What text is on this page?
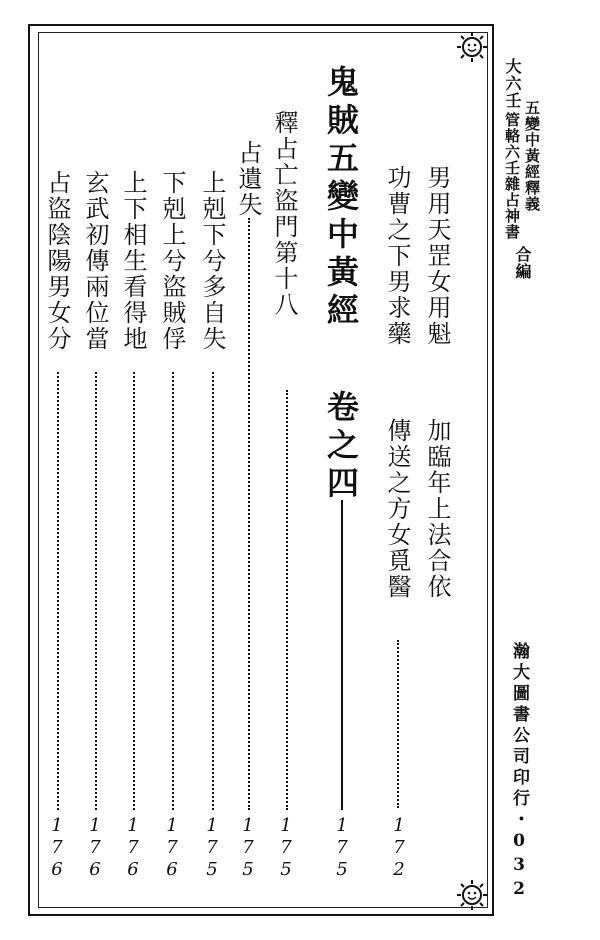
大六壬
五變中黃經釋義
管輅六壬雜占神書
合編
瀚大圖書公司印行・032
男用天罡女用魁
加臨年上法合依
功曹之下男求藥
傳送之方女覓醫
鬼賊五變中黃經
卷之四
釋占亡盜門第十八
占遺失
上剋下兮多自失
下剋上兮盜賊俘
上下相生看得地
玄武初傳兩位當
占盜陰陽男女分
1
7
2
1
7
5
1
7
5
1
7
5
1
7
5
1
7
6
1
7
6
1
7
6
1
7
6
